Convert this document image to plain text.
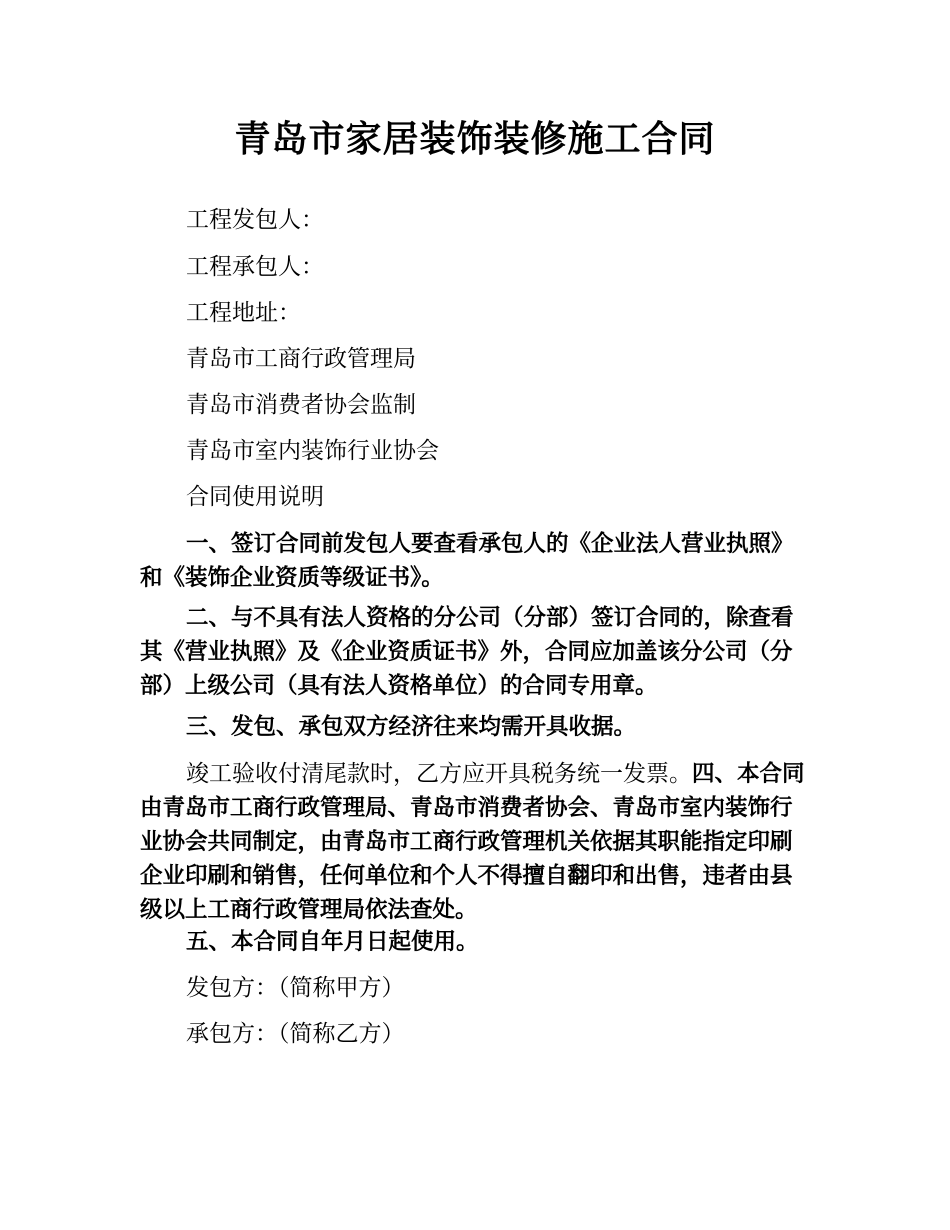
青岛市家居装饰装修施工合同

工程发包人：

工程承包人：

工程地址：

青岛市工商行政管理局

青岛市消费者协会监制

青岛市室内装饰行业协会

合同使用说明

一、签订合同前发包人要查看承包人的《企业法人营业执照》和《装饰企业资质等级证书》。

二、与不具有法人资格的分公司（分部）签订合同的，除查看其《营业执照》及《企业资质证书》外，合同应加盖该分公司（分部）上级公司（具有法人资格单位）的合同专用章。

三、发包、承包双方经济往来均需开具收据。

竣工验收付清尾款时，乙方应开具税务统一发票。四、本合同由青岛市工商行政管理局、青岛市消费者协会、青岛市室内装饰行业协会共同制定，由青岛市工商行政管理机关依据其职能指定印刷企业印刷和销售，任何单位和个人不得擅自翻印和出售，违者由县级以上工商行政管理局依法查处。

五、本合同自年月日起使用。

发包方：（简称甲方）

承包方：（简称乙方）
